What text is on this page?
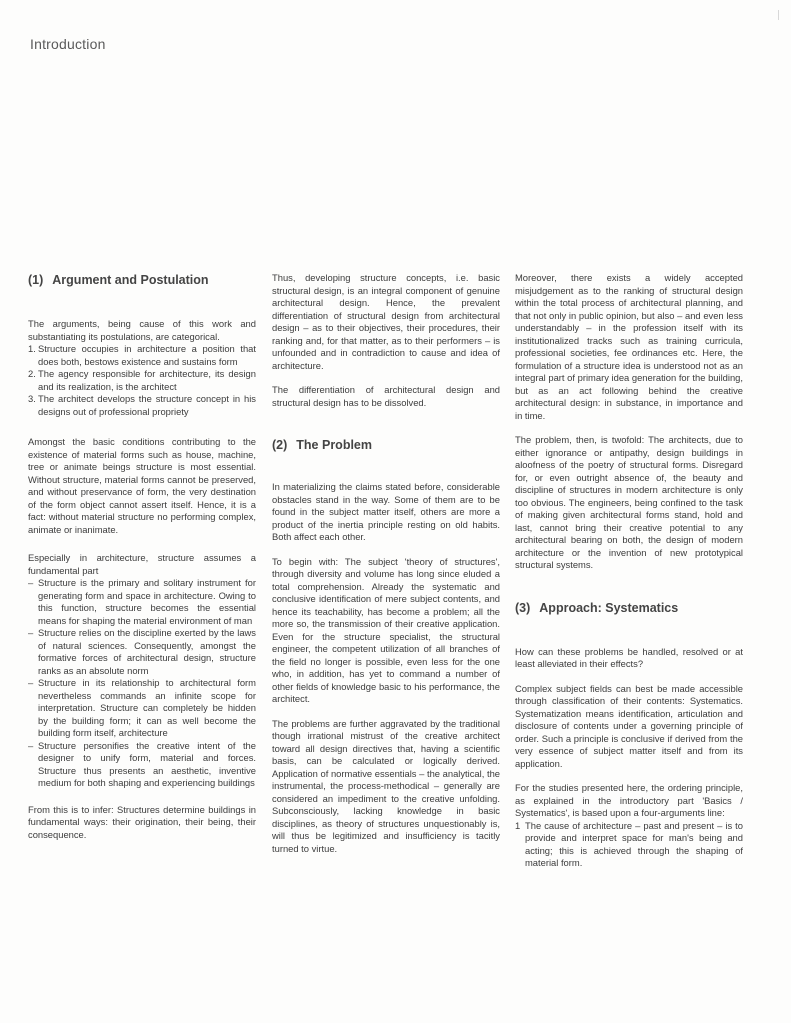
Introduction
(1) Argument and Postulation

The arguments, being cause of this work and substantiating its postulations, are categorical.

1. Structure occupies in architecture a position that does both, bestows existence and sustains form
2. The agency responsible for architecture, its design and its realization, is the architect
3. The architect develops the structure concept in his designs out of professional propriety

Amongst the basic conditions contributing to the existence of material forms such as house, machine, tree or animate beings structure is most essential. Without structure, material forms cannot be preserved, and without preservance of form, the very destination of the form object cannot assert itself. Hence, it is a fact: without material structure no performing complex, animate or inanimate.

Especially in architecture, structure assumes a fundamental part

– Structure is the primary and solitary instrument for generating form and space in architecture. Owing to this function, structure becomes the essential means for shaping the material environment of man
– Structure relies on the discipline exerted by the laws of natural sciences. Consequently, amongst the formative forces of architectural design, structure ranks as an absolute norm
– Structure in its relationship to architectural form nevertheless commands an infinite scope for interpretation. Structure can completely be hidden by the building form; it can as well become the building form itself, architecture
– Structure personifies the creative intent of the designer to unify form, material and forces. Structure thus presents an aesthetic, inventive medium for both shaping and experiencing buildings

From this is to infer: Structures determine buildings in fundamental ways: their origination, their being, their consequence.

Thus, developing structure concepts, i.e. basic structural design, is an integral component of genuine architectural design. Hence, the prevalent differentiation of structural design from architectural design – as to their objectives, their procedures, their ranking and, for that matter, as to their performers – is unfounded and in contradiction to cause and idea of architecture.

The differentiation of architectural design and structural design has to be dissolved.

(2) The Problem

In materializing the claims stated before, considerable obstacles stand in the way. Some of them are to be found in the subject matter itself, others are more a product of the inertia principle resting on old habits. Both affect each other.

To begin with: The subject 'theory of structures', through diversity and volume has long since eluded a total comprehension. Already the systematic and conclusive identification of mere subject contents, and hence its teachability, has become a problem; all the more so, the transmission of their creative application. Even for the structure specialist, the structural engineer, the competent utilization of all branches of the field no longer is possible, even less for the one who, in addition, has yet to command a number of other fields of knowledge basic to his performance, the architect.

The problems are further aggravated by the traditional though irrational mistrust of the creative architect toward all design directives that, having a scientific basis, can be calculated or logically derived. Application of normative essentials – the analytical, the instrumental, the process-methodical – generally are considered an impediment to the creative unfolding. Subconsciously, lacking knowledge in basic disciplines, as theory of structures unquestionably is, will thus be legitimized and insufficiency is tacitly turned to virtue.

Moreover, there exists a widely accepted misjudgement as to the ranking of structural design within the total process of architectural planning, and that not only in public opinion, but also – and even less understandably – in the profession itself with its institutionalized tracks such as training curricula, professional societies, fee ordinances etc. Here, the formulation of a structure idea is understood not as an integral part of primary idea generation for the building, but as an act following behind the creative architectural design: in substance, in importance and in time.

The problem, then, is twofold: The architects, due to either ignorance or antipathy, design buildings in aloofness of the poetry of structural forms. Disregard for, or even outright absence of, the beauty and discipline of structures in modern architecture is only too obvious. The engineers, being confined to the task of making given architectural forms stand, hold and last, cannot bring their creative potential to any architectural bearing on both, the design of modern architecture or the invention of new prototypical structural systems.

(3) Approach: Systematics

How can these problems be handled, resolved or at least alleviated in their effects?

Complex subject fields can best be made accessible through classification of their contents: Systematics. Systematization means identification, articulation and disclosure of contents under a governing principle of order. Such a principle is conclusive if derived from the very essence of subject matter itself and from its application.

For the studies presented here, the ordering principle, as explained in the introductory part 'Basics / Systematics', is based upon a four-arguments line:

1 The cause of architecture – past and present – is to provide and interpret space for man's being and acting; this is achieved through the shaping of material form.
